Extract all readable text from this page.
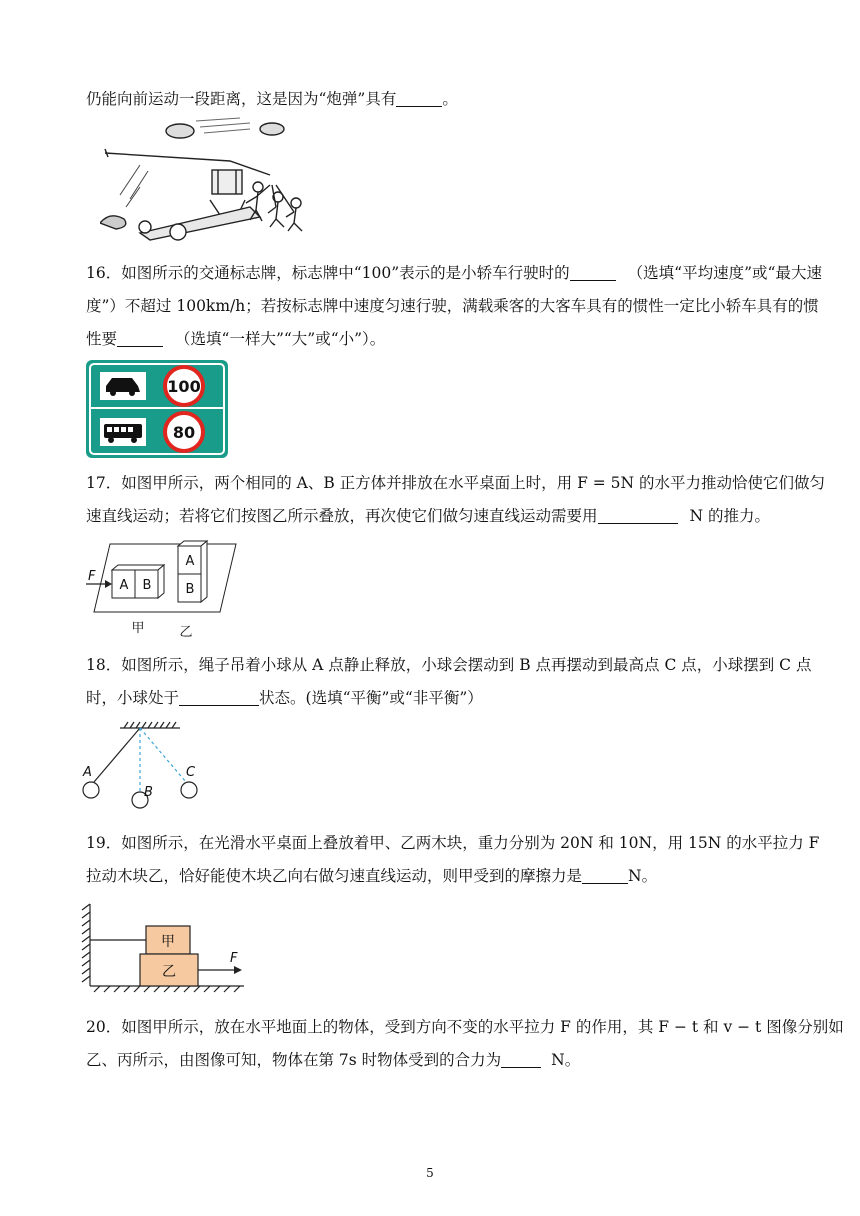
仍能向前运动一段距离，这是因为“炮弹”具有	。
16．如图所示的交通标志牌，标志牌中“100”表示的是小轿车行驶时的	（选填“平均速度”或“最大速
度”）不超过 100km/h；若按标志牌中速度匀速行驶，满载乘客的大客车具有的惯性一定比小轿车具有的惯
性要	（选填“一样大”“大”或“小”）。
100
80
17．如图甲所示，两个相同的 A、B 正方体并排放在水平桌面上时，用 F = 5N 的水平力推动恰使它们做匀
速直线运动；若将它们按图乙所示叠放，再次使它们做匀速直线运动需要用	N 的推力。
A B
A
B
F
甲	乙
18．如图所示，绳子吊着小球从 A 点静止释放，小球会摆动到 B 点再摆动到最高点 C 点，小球摆到 C 点
时，小球处于	状态。(选填“平衡”或“非平衡”）
A
B
C
19．如图所示，在光滑水平桌面上叠放着甲、乙两木块，重力分别为 20N 和 10N，用 15N 的水平拉力 F
拉动木块乙，恰好能使木块乙向右做匀速直线运动，则甲受到的摩擦力是	N。
甲
乙
F
20．如图甲所示，放在水平地面上的物体，受到方向不变的水平拉力 F 的作用，其 F − t 和 v − t 图像分别如
乙、丙所示，由图像可知，物体在第 7s 时物体受到的合力为	N。
5
